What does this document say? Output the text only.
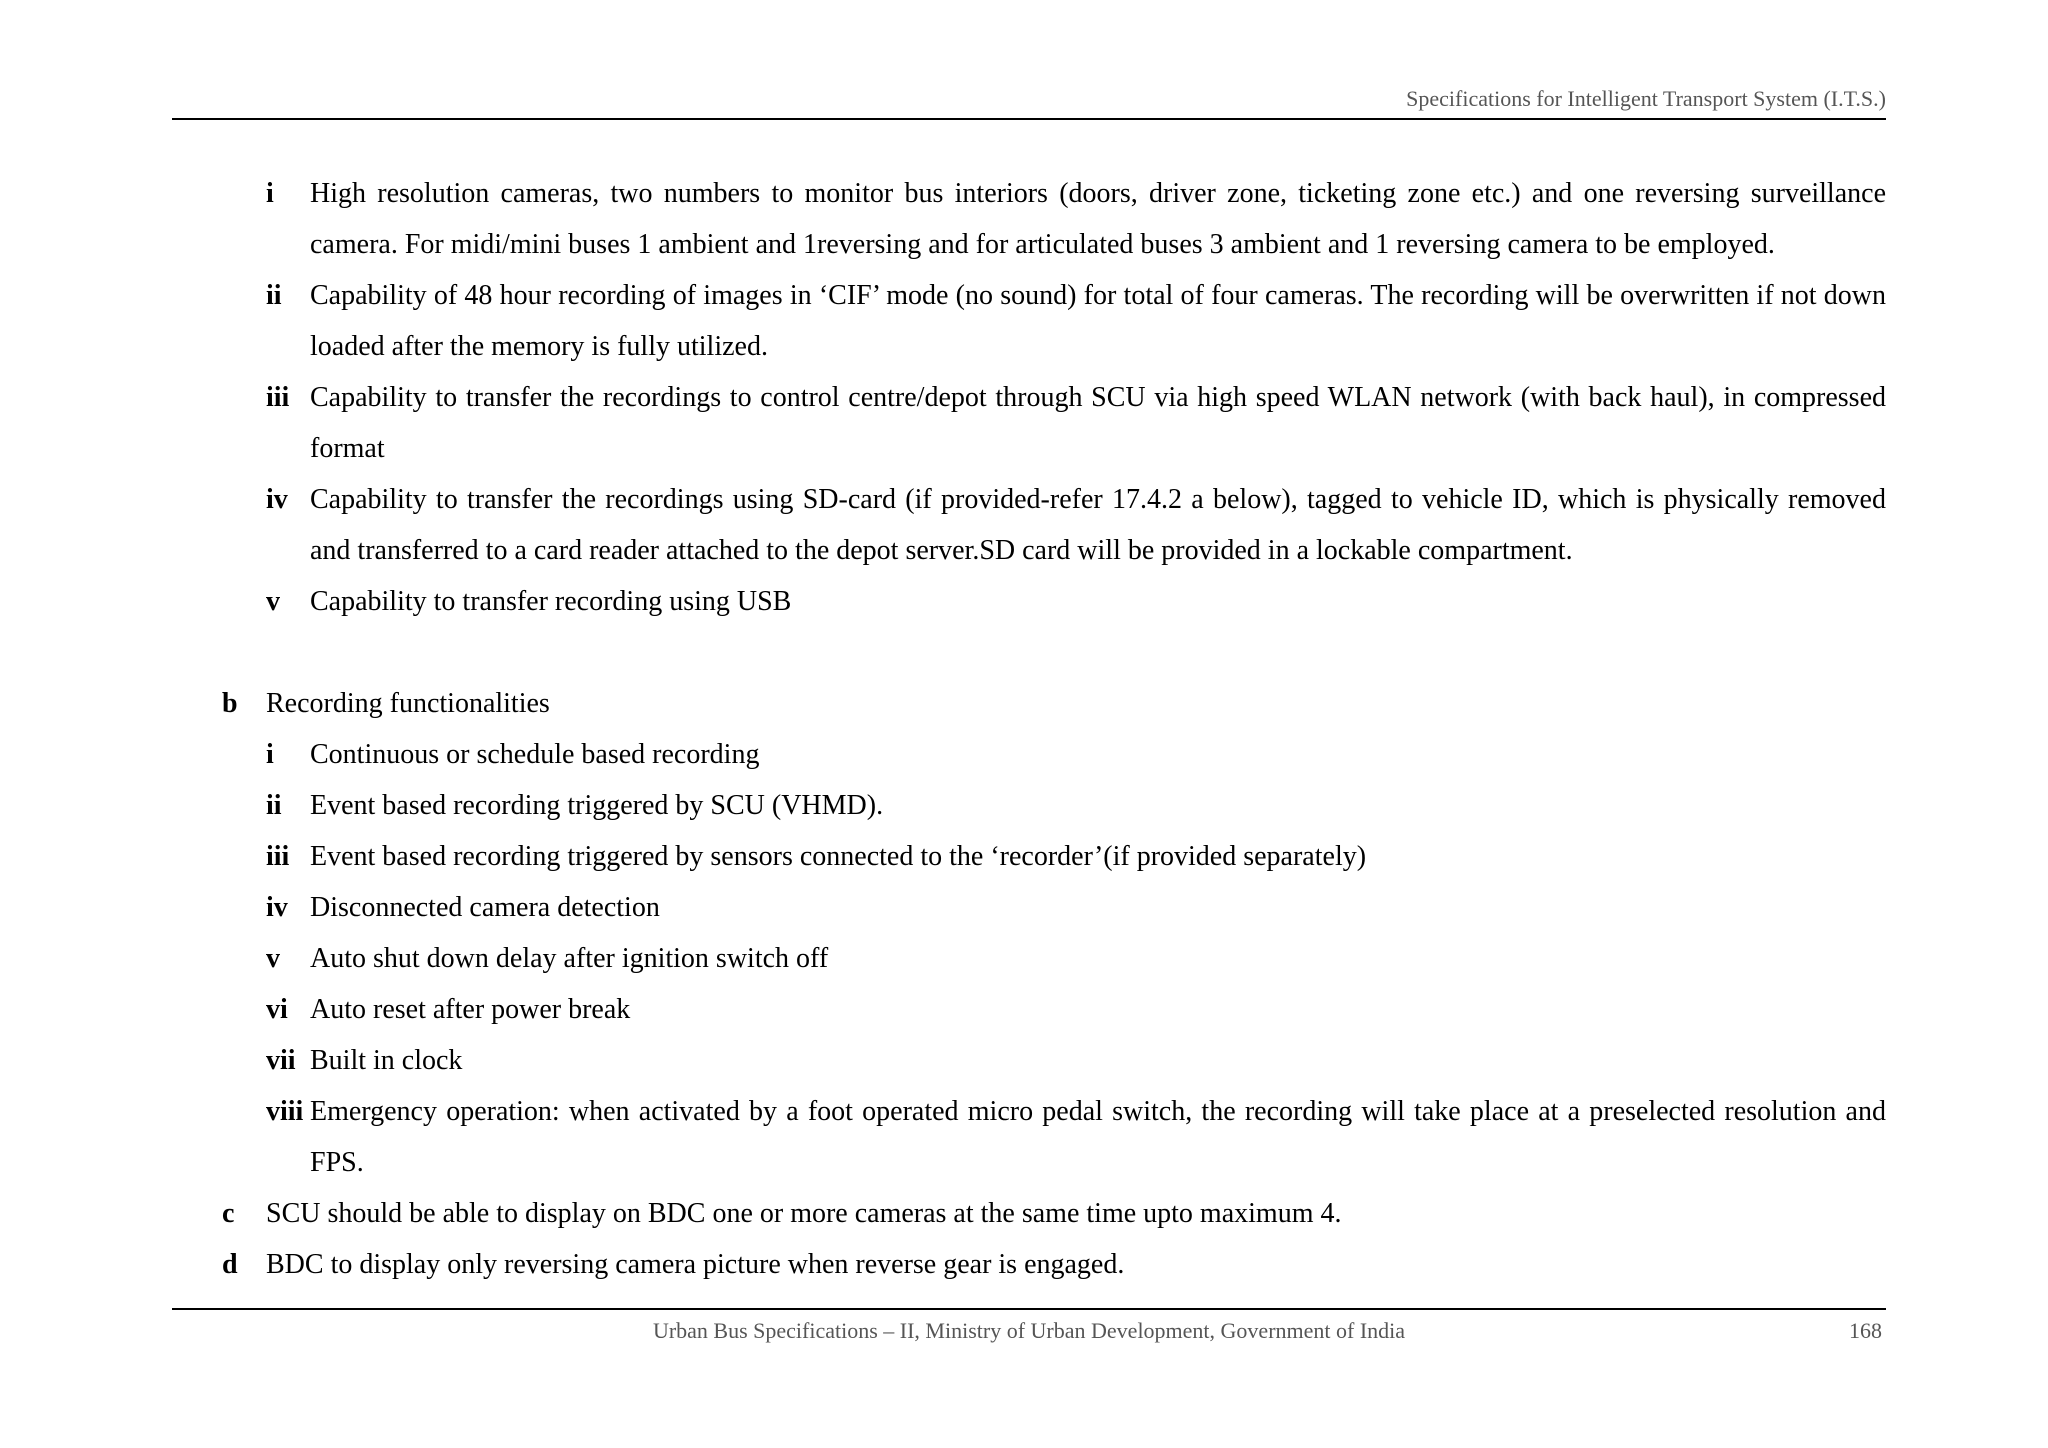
Specifications for Intelligent Transport System (I.T.S.)
i	High resolution cameras, two numbers to monitor bus interiors (doors, driver zone, ticketing zone etc.) and one reversing surveillance camera. For midi/mini buses 1 ambient and 1reversing and for articulated buses 3 ambient and 1 reversing camera to be employed.
ii	Capability of 48 hour recording of images in ‘CIF’ mode (no sound) for total of four cameras. The recording will be overwritten if not down loaded after the memory is fully utilized.
iii Capability to transfer the recordings to control centre/depot through SCU via high speed WLAN network (with back haul), in compressed format
iv Capability to transfer the recordings using SD-card (if provided-refer 17.4.2 a below), tagged to vehicle ID, which is physically removed and transferred to a card reader attached to the depot server.SD card will be provided in a lockable compartment.
v	Capability to transfer recording using USB
b	Recording functionalities
i	Continuous or schedule based recording
ii	Event based recording triggered by SCU (VHMD).
iii Event based recording triggered by sensors connected to the ‘recorder’(if provided separately)
iv Disconnected camera detection
v	Auto shut down delay after ignition switch off
vi Auto reset after power break
vii Built in clock
viii Emergency operation: when activated by a foot operated micro pedal switch, the recording will take place at a preselected resolution and FPS.
c	SCU should be able to display on BDC one or more cameras at the same time upto maximum 4.
d	BDC to display only reversing camera picture when reverse gear is engaged.
Urban Bus Specifications – II, Ministry of Urban Development, Government of India	168
